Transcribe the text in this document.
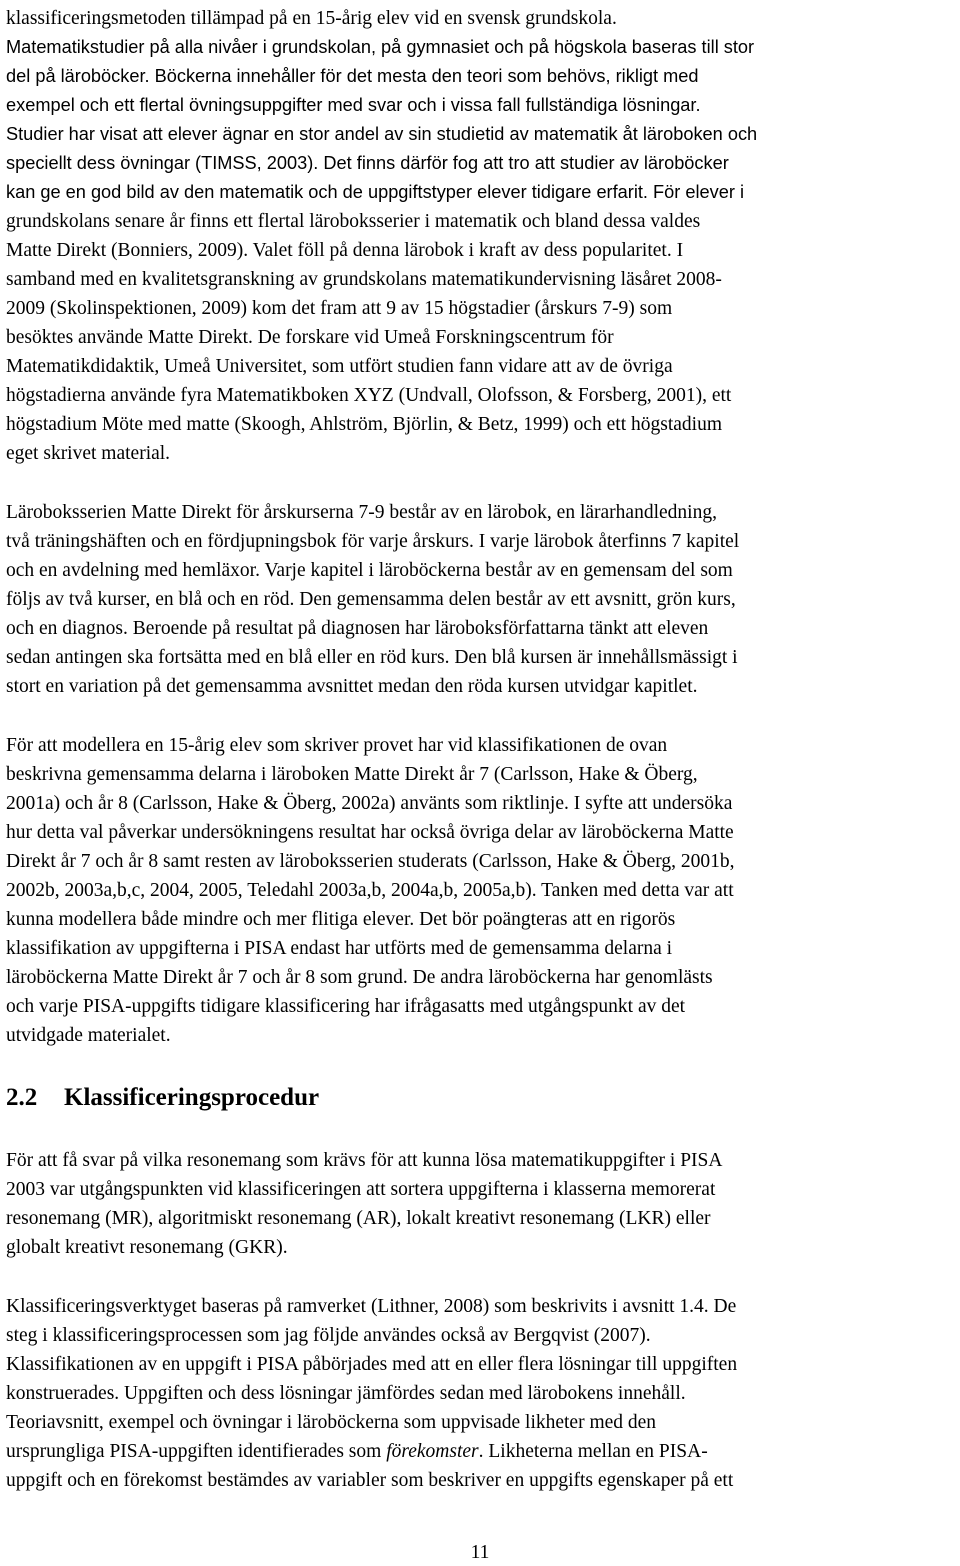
klassificeringsmetoden tillämpad på en 15-årig elev vid en svensk grundskola.
Matematikstudier på alla nivåer i grundskolan, på gymnasiet och på högskola baseras till stor
del på läroböcker. Böckerna innehåller för det mesta den teori som behövs, rikligt med
exempel och ett flertal övningsuppgifter med svar och i vissa fall fullständiga lösningar.
Studier har visat att elever ägnar en stor andel av sin studietid av matematik åt läroboken och
speciellt dess övningar (TIMSS, 2003). Det finns därför fog att tro att studier av läroböcker
kan ge en god bild av den matematik och de uppgiftstyper elever tidigare erfarit. För elever i
grundskolans senare år finns ett flertal läroboksserier i matematik och bland dessa valdes
Matte Direkt (Bonniers, 2009). Valet föll på denna lärobok i kraft av dess popularitet. I
samband med en kvalitetsgranskning av grundskolans matematikundervisning läsåret 2008-
2009 (Skolinspektionen, 2009) kom det fram att 9 av 15 högstadier (årskurs 7-9) som
besöktes använde Matte Direkt. De forskare vid Umeå Forskningscentrum för
Matematikdidaktik, Umeå Universitet, som utfört studien fann vidare att av de övriga
högstadierna använde fyra Matematikboken XYZ (Undvall, Olofsson, & Forsberg, 2001), ett
högstadium Möte med matte (Skoogh, Ahlström, Björlin, & Betz, 1999) och ett högstadium
eget skrivet material.
Läroboksserien Matte Direkt för årskurserna 7-9 består av en lärobok, en lärarhandledning,
två träningshäften och en fördjupningsbok för varje årskurs. I varje lärobok återfinns 7 kapitel
och en avdelning med hemläxor. Varje kapitel i läroböckerna består av en gemensam del som
följs av två kurser, en blå och en röd. Den gemensamma delen består av ett avsnitt, grön kurs,
och en diagnos. Beroende på resultat på diagnosen har läroboksförfattarna tänkt att eleven
sedan antingen ska fortsätta med en blå eller en röd kurs. Den blå kursen är innehållsmässigt i
stort en variation på det gemensamma avsnittet medan den röda kursen utvidgar kapitlet.
För att modellera en 15-årig elev som skriver provet har vid klassifikationen de ovan
beskrivna gemensamma delarna i läroboken Matte Direkt år 7 (Carlsson, Hake & Öberg,
2001a) och år 8 (Carlsson, Hake & Öberg, 2002a) använts som riktlinje. I syfte att undersöka
hur detta val påverkar undersökningens resultat har också övriga delar av läroböckerna Matte
Direkt år 7 och år 8 samt resten av läroboksserien studerats (Carlsson, Hake & Öberg, 2001b,
2002b, 2003a,b,c, 2004, 2005, Teledahl 2003a,b, 2004a,b, 2005a,b). Tanken med detta var att
kunna modellera både mindre och mer flitiga elever. Det bör poängteras att en rigorös
klassifikation av uppgifterna i PISA endast har utförts med de gemensamma delarna i
läroböckerna Matte Direkt år 7 och år 8 som grund. De andra läroböckerna har genomlästs
och varje PISA-uppgifts tidigare klassificering har ifrågasatts med utgångspunkt av det
utvidgade materialet.
2.2 Klassificeringsprocedur
För att få svar på vilka resonemang som krävs för att kunna lösa matematikuppgifter i PISA
2003 var utgångspunkten vid klassificeringen att sortera uppgifterna i klasserna memorerat
resonemang (MR), algoritmiskt resonemang (AR), lokalt kreativt resonemang (LKR) eller
globalt kreativt resonemang (GKR).
Klassificeringsverktyget baseras på ramverket (Lithner, 2008) som beskrivits i avsnitt 1.4. De
steg i klassificeringsprocessen som jag följde användes också av Bergqvist (2007).
Klassifikationen av en uppgift i PISA påbörjades med att en eller flera lösningar till uppgiften
konstruerades. Uppgiften och dess lösningar jämfördes sedan med lärobokens innehåll.
Teoriavsnitt, exempel och övningar i läroböckerna som uppvisade likheter med den
ursprungliga PISA-uppgiften identifierades som förekomster. Likheterna mellan en PISA-
uppgift och en förekomst bestämdes av variabler som beskriver en uppgifts egenskaper på ett
11
